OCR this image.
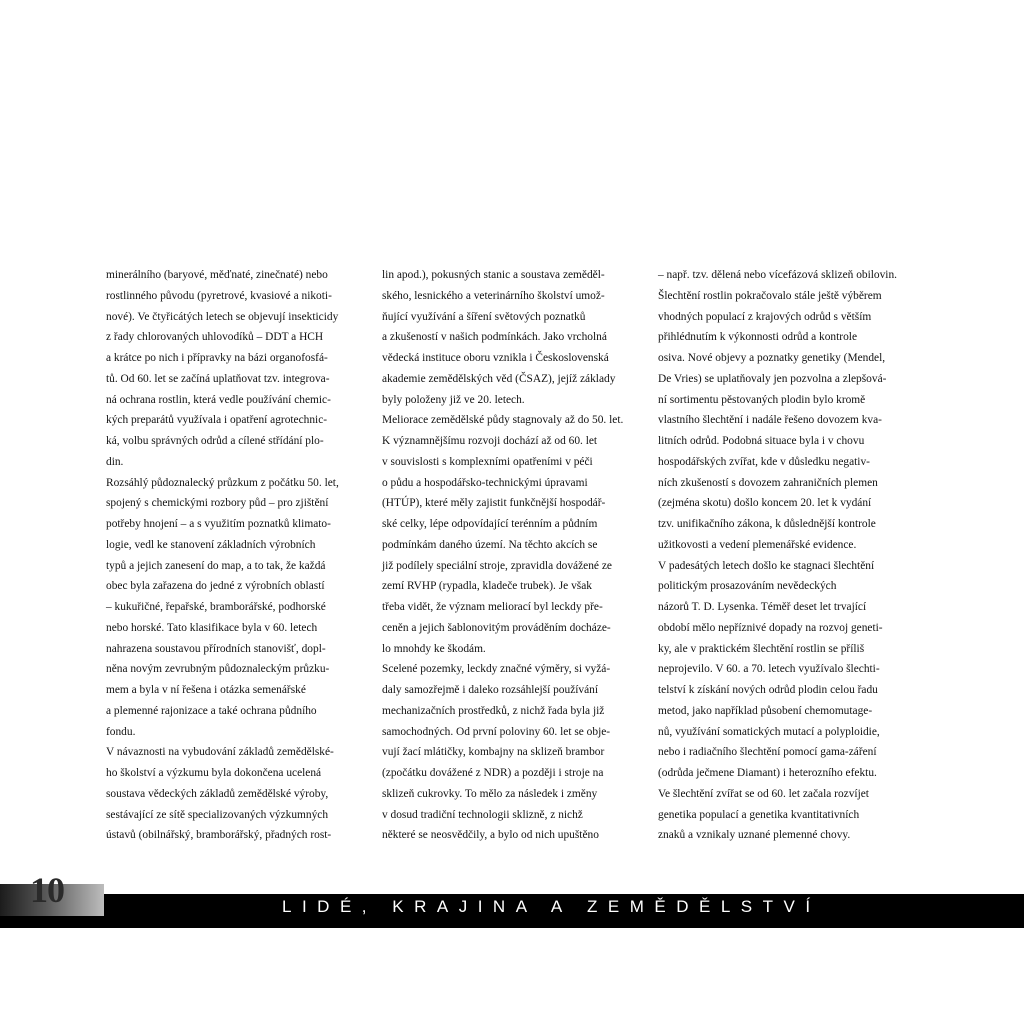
minerálního (baryové, měďnaté, zinečnaté) nebo
rostlinného původu (pyretrové, kvasiové a nikoti-
nové). Ve čtyřicátých letech se objevují insekticidy
z řady chlorovaných uhlovodíků – DDT a HCH
a krátce po nich i přípravky na bázi organofosfá-
tů. Od 60. let se začíná uplatňovat tzv. integrova-
ná ochrana rostlin, která vedle používání chemic-
kých preparátů využívala i opatření agrotechnic-
ká, volbu správných odrůd a cílené střídání plo-
din.
Rozsáhlý půdoznalecký průzkum z počátku 50. let,
spojený s chemickými rozbory půd – pro zjištění
potřeby hnojení – a s využitím poznatků klimato-
logie, vedl ke stanovení základních výrobních
typů a jejich zanesení do map, a to tak, že každá
obec byla zařazena do jedné z výrobních oblastí
– kukuřičné, řepařské, bramborářské, podhorské
nebo horské. Tato klasifikace byla v 60. letech
nahrazena soustavou přírodních stanovišť, dopl-
něna novým zevrubným půdoznaleckým průzku-
mem a byla v ní řešena i otázka semenářské
a plemenné rajonizace a také ochrana půdního
fondu.
V návaznosti na vybudování základů zemědělské-
ho školství a výzkumu byla dokončena ucelená
soustava vědeckých základů zemědělské výroby,
sestávající ze sítě specializovaných výzkumných
ústavů (obilnářský, bramborářský, přadných rost-
lin apod.), pokusných stanic a soustava zeměděl-
ského, lesnického a veterinárního školství umož-
ňující využívání a šíření světových poznatků
a zkušeností v našich podmínkách. Jako vrcholná
vědecká instituce oboru vznikla i Československá
akademie zemědělských věd (ČSAZ), jejíž základy
byly položeny již ve 20. letech.
Meliorace zemědělské půdy stagnovaly až do 50. let.
K významnějšímu rozvoji dochází až od 60. let
v souvislosti s komplexními opatřeními v péči
o půdu a hospodářsko-technickými úpravami
(HTÚP), které měly zajistit funkčnější hospodář-
ské celky, lépe odpovídající terénním a půdním
podmínkám daného území. Na těchto akcích se
již podílely speciální stroje, zpravidla dovážené ze
zemí RVHP (rypadla, kladeče trubek). Je však
třeba vidět, že význam meliorací byl leckdy pře-
ceněn a jejich šablonovitým prováděním docháze-
lo mnohdy ke škodám.
Scelené pozemky, leckdy značné výměry, si vyžá-
daly samozřejmě i daleko rozsáhlejší používání
mechanizačních prostředků, z nichž řada byla již
samochodných. Od první poloviny 60. let se obje-
vují žací mlátičky, kombajny na sklizeň brambor
(zpočátku dovážené z NDR) a později i stroje na
sklizeň cukrovky. To mělo za následek i změny
v dosud tradiční technologii sklizně, z nichž
některé se neosvědčily, a bylo od nich upuštěno
– např. tzv. dělená nebo vícefázová sklizeň obilovin.
Šlechtění rostlin pokračovalo stále ještě výběrem
vhodných populací z krajových odrůd s větším
přihlédnutím k výkonnosti odrůd a kontrole
osiva. Nové objevy a poznatky genetiky (Mendel,
De Vries) se uplatňovaly jen pozvolna a zlepšová-
ní sortimentu pěstovaných plodin bylo kromě
vlastního šlechtění i nadále řešeno dovozem kva-
litních odrůd. Podobná situace byla i v chovu
hospodářských zvířat, kde v důsledku negativ-
ních zkušeností s dovozem zahraničních plemen
(zejména skotu) došlo koncem 20. let k vydání
tzv. unifikačního zákona, k důslednější kontrole
užitkovosti a vedení plemenářské evidence.
V padesátých letech došlo ke stagnaci šlechtění
politickým prosazováním nevědeckých
názorů T. D. Lysenka. Téměř deset let trvající
období mělo nepříznivé dopady na rozvoj geneti-
ky, ale v praktickém šlechtění rostlin se příliš
neprojevilo. V 60. a 70. letech využívalo šlechti-
telství k získání nových odrůd plodin celou řadu
metod, jako například působení chemomutage-
nů, využívání somatických mutací a polyploidie,
nebo i radiačního šlechtění pomocí gama-záření
(odrůda ječmene Diamant) i heterozního efektu.
Ve šlechtění zvířat se od 60. let začala rozvíjet
genetika populací a genetika kvantitativních
znaků a vznikaly uznané plemenné chovy.
10	LIDÉ, KRAJINA A ZEMĚDĚLSTVÍ
